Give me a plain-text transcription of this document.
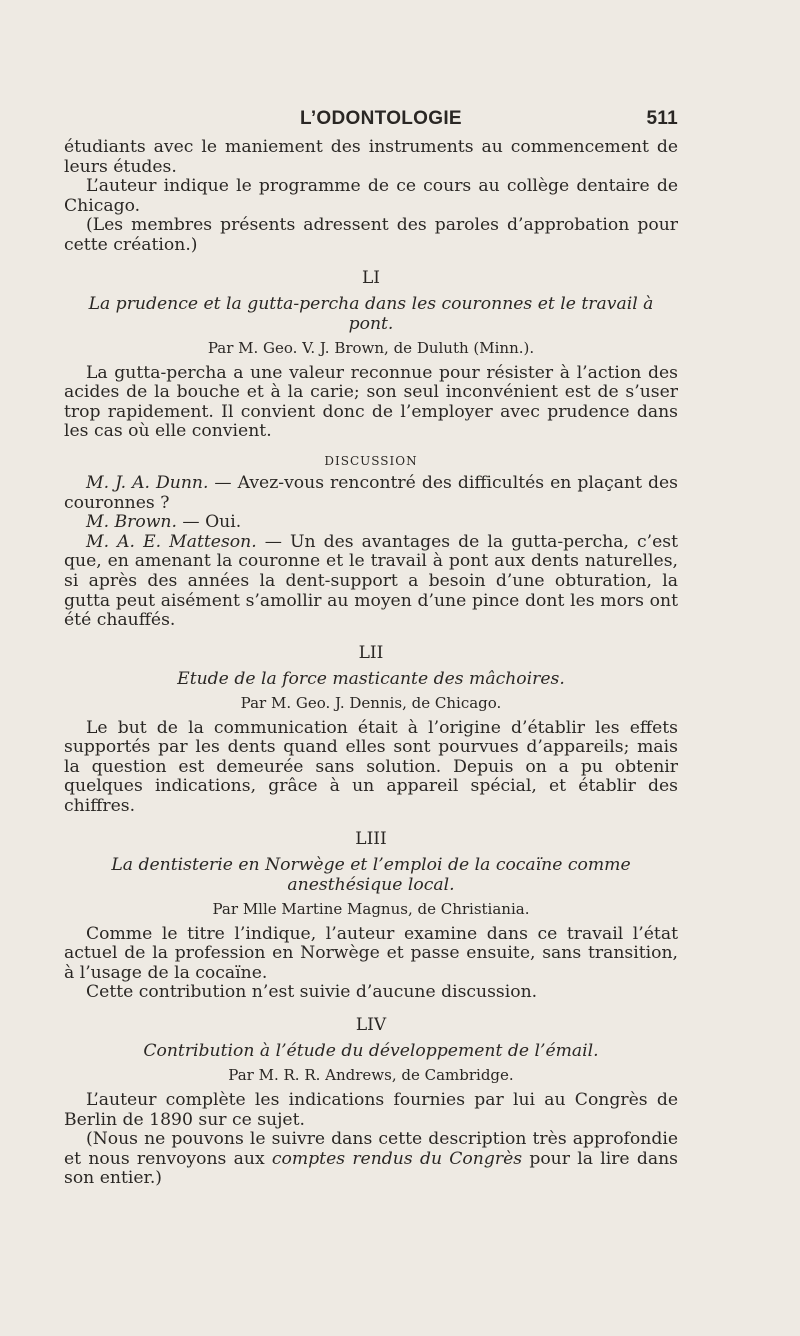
L’ODONTOLOGIE	511

étudiants avec le maniement des instruments au commencement de leurs études.

L’auteur indique le programme de ce cours au collège dentaire de Chicago.

(Les membres présents adressent des paroles d’approbation pour cette création.)

LI
La prudence et la gutta-percha dans les couronnes et le travail à pont.
Par M. Geo. V. J. Brown, de Duluth (Minn.).

La gutta-percha a une valeur reconnue pour résister à l’action des acides de la bouche et à la carie; son seul inconvénient est de s’user trop rapidement. Il convient donc de l’employer avec prudence dans les cas où elle convient.

DISCUSSION

M. J. A. Dunn. — Avez-vous rencontré des difficultés en plaçant des couronnes ?

M. Brown. — Oui.

M. A. E. Matteson. — Un des avantages de la gutta-percha, c’est que, en amenant la couronne et le travail à pont aux dents naturelles, si après des années la dent-support a besoin d’une obturation, la gutta peut aisément s’amollir au moyen d’une pince dont les mors ont été chauffés.

LII
Etude de la force masticante des mâchoires.
Par M. Geo. J. Dennis, de Chicago.

Le but de la communication était à l’origine d’établir les effets supportés par les dents quand elles sont pourvues d’appareils; mais la question est demeurée sans solution. Depuis on a pu obtenir quelques indications, grâce à un appareil spécial, et établir des chiffres.

LIII
La dentisterie en Norwège et l’emploi de la cocaïne comme anesthésique local.
Par Mlle Martine Magnus, de Christiania.

Comme le titre l’indique, l’auteur examine dans ce travail l’état actuel de la profession en Norwège et passe ensuite, sans transition, à l’usage de la cocaïne.

Cette contribution n’est suivie d’aucune discussion.

LIV
Contribution à l’étude du développement de l’émail.
Par M. R. R. Andrews, de Cambridge.

L’auteur complète les indications fournies par lui au Congrès de Berlin de 1890 sur ce sujet.

(Nous ne pouvons le suivre dans cette description très approfondie et nous renvoyons aux comptes rendus du Congrès pour la lire dans son entier.)
